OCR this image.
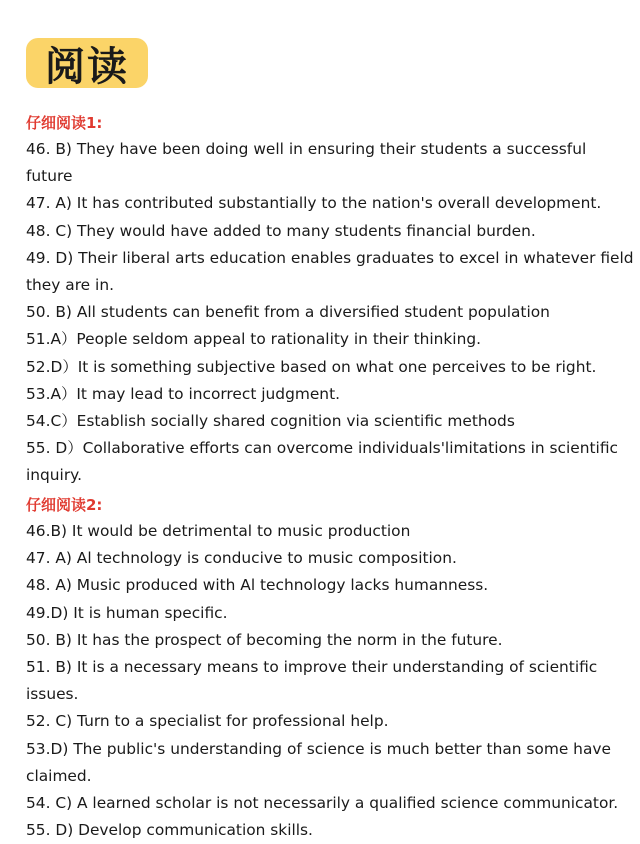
阅读
仔细阅读1:
46. B) They have been doing well in ensuring their students a successful future
47. A) It has contributed substantially to the nation's overall development.
48. C) They would have added to many students financial burden.
49. D) Their liberal arts education enables graduates to excel in whatever field they are in.
50. B) All students can benefit from a diversified student population
51.A）People seldom appeal to rationality in their thinking.
52.D）It is something subjective based on what one perceives to be right.
53.A）It may lead to incorrect judgment.
54.C）Establish socially shared cognition via scientific methods
55. D）Collaborative efforts can overcome individuals'limitations in scientific inquiry.
仔细阅读2:
46.B) It would be detrimental to music production
47. A) Al technology is conducive to music composition.
48. A) Music produced with Al technology lacks humanness.
49.D) It is human specific.
50. B) It has the prospect of becoming the norm in the future.
51. B) It is a necessary means to improve their understanding of scientific issues.
52. C) Turn to a specialist for professional help.
53.D) The public's understanding of science is much better than some have claimed.
54. C) A learned scholar is not necessarily a qualified science communicator.
55. D) Develop communication skills.
